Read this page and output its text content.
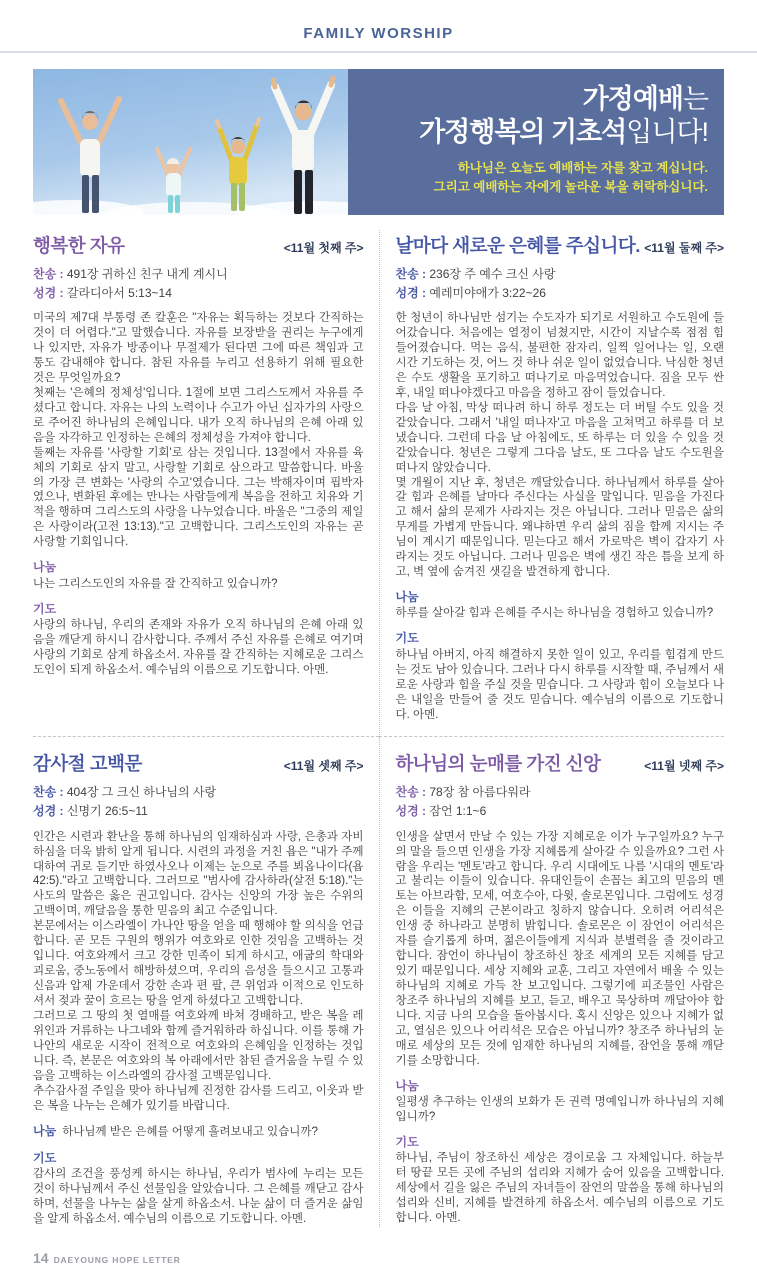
FAMILY WORSHIP
가정예배는
가정행복의 기초석입니다!
하나님은 오늘도 예배하는 자를 찾고 계십니다.
그리고 예배하는 자에게 놀라운 복을 허락하십니다.
행복한 자유	<11월 첫째 주>
찬송 : 491장 귀하신 친구 내게 계시니
성경 : 갈라디아서 5:13~14

미국의 제7대 부통령 존 칼훈은 "자유는 획득하는 것보다 간직하는 것이 더 어렵다."고 말했습니다. 자유를 보장받을 권리는 누구에게나 있지만, 자유가 방종이나 무절제가 된다면 그에 따른 책임과 고통도 감내해야 합니다. 참된 자유를 누리고 선용하기 위해 필요한 것은 무엇일까요?

첫째는 '은혜의 정체성'입니다. 1절에 보면 그리스도께서 자유를 주셨다고 합니다. 자유는 나의 노력이나 수고가 아닌 십자가의 사랑으로 주어진 하나님의 은혜입니다. 내가 오직 하나님의 은혜 아래 있음을 자각하고 인정하는 은혜의 정체성을 가져야 합니다.

둘째는 자유를 '사랑할 기회'로 삼는 것입니다. 13절에서 자유를 육체의 기회로 삼지 말고, 사랑할 기회로 삼으라고 말씀합니다. 바울의 가장 큰 변화는 '사랑의 수고'였습니다. 그는 박해자이며 핍박자였으나, 변화된 후에는 만나는 사람들에게 복음을 전하고 치유와 기적을 행하며 그리스도의 사랑을 나누었습니다. 바울은 "그중의 제일은 사랑이라(고전 13:13)."고 고백합니다. 그리스도인의 자유는 곧 사랑할 기회입니다.

나눔
나는 그리스도인의 자유를 잘 간직하고 있습니까?
기도
사랑의 하나님, 우리의 존재와 자유가 오직 하나님의 은혜 아래 있음을 깨닫게 하시니 감사합니다. 주께서 주신 자유를 은혜로 여기며 사랑의 기회로 삼게 하옵소서. 자유를 잘 간직하는 지혜로운 그리스도인이 되게 하옵소서. 예수님의 이름으로 기도합니다. 아멘.
날마다 새로운 은혜를 주십니다. <11월 둘째 주>
찬송 : 236장 주 예수 크신 사랑
성경 : 예레미야애가 3:22~26

한 청년이 하나님만 섬기는 수도자가 되기로 서원하고 수도원에 들어갔습니다. 처음에는 열정이 넘쳤지만, 시간이 지날수록 점점 힘들어졌습니다. 먹는 음식, 불편한 잠자리, 일찍 일어나는 일, 오랜 시간 기도하는 것, 어느 것 하나 쉬운 일이 없었습니다. 낙심한 청년은 수도 생활을 포기하고 떠나기로 마음먹었습니다. 짐을 모두 싼 후, 내일 떠나야겠다고 마음을 정하고 잠이 들었습니다.

다음 날 아침, 막상 떠나려 하니 하루 정도는 더 버틸 수도 있을 것 같았습니다. 그래서 '내일 떠나자'고 마음을 고쳐먹고 하루를 더 보냈습니다. 그런데 다음 날 아침에도, 또 하루는 더 있을 수 있을 것 같았습니다. 청년은 그렇게 그다음 날도, 또 그다음 날도 수도원을 떠나지 않았습니다.

몇 개월이 지난 후, 청년은 깨달았습니다. 하나님께서 하루를 살아갈 힘과 은혜를 날마다 주신다는 사실을 말입니다. 믿음을 가진다고 해서 삶의 문제가 사라지는 것은 아닙니다. 그러나 믿음은 삶의 무게를 가볍게 만듭니다. 왜냐하면 우리 삶의 짐을 함께 지시는 주님이 계시기 때문입니다. 믿는다고 해서 가로막은 벽이 갑자기 사라지는 것도 아닙니다. 그러나 믿음은 벽에 생긴 작은 틈을 보게 하고, 벽 옆에 숨겨진 샛길을 발견하게 합니다.

나눔
하루를 살아갈 힘과 은혜를 주시는 하나님을 경험하고 있습니까?
기도
하나님 아버지, 아직 해결하지 못한 일이 있고, 우리를 힘겹게 만드는 것도 남아 있습니다. 그러나 다시 하루를 시작할 때, 주님께서 새로운 사랑과 힘을 주실 것을 믿습니다. 그 사랑과 힘이 오늘보다 나은 내일을 만들어 줄 것도 믿습니다. 예수님의 이름으로 기도합니다. 아멘.
감사절 고백문	<11월 셋째 주>
찬송 : 404장 그 크신 하나님의 사랑
성경 : 신명기 26:5~11

인간은 시련과 환난을 통해 하나님의 임재하심과 사랑, 은총과 자비하심을 더욱 밝히 알게 됩니다. 시련의 과정을 거친 욥은 "내가 주께 대하여 귀로 듣기만 하였사오나 이제는 눈으로 주를 뵈옵나이다(욥 42:5)."라고 고백합니다. 그러므로 "범사에 감사하라(살전 5:18)."는 사도의 말씀은 옳은 권고입니다. 감사는 신앙의 가장 높은 수위의 고백이며, 깨달음을 통한 믿음의 최고 수준입니다.

본문에서는 이스라엘이 가나안 땅을 얻을 때 행해야 할 의식을 언급합니다. 곧 모든 구원의 행위가 여호와로 인한 것임을 고백하는 것입니다. 여호와께서 크고 강한 민족이 되게 하시고, 애굽의 학대와 괴로움, 중노동에서 해방하셨으며, 우리의 음성을 들으시고 고통과 신음과 압제 가운데서 강한 손과 편 팔, 큰 위엄과 이적으로 인도하셔서 젖과 꿀이 흐르는 땅을 얻게 하셨다고 고백합니다.

그러므로 그 땅의 첫 열매를 여호와께 바쳐 경배하고, 받은 복을 레위인과 거류하는 나그네와 함께 즐거워하라 하십니다. 이를 통해 가나안의 새로운 시작이 전적으로 여호와의 은혜임을 인정하는 것입니다. 즉, 본문은 여호와의 복 아래에서만 참된 즐거움을 누릴 수 있음을 고백하는 이스라엘의 감사절 고백문입니다.

추수감사절 주일을 맞아 하나님께 진정한 감사를 드리고, 이웃과 받은 복을 나누는 은혜가 있기를 바랍니다.

나눔 하나님께 받은 은혜를 어떻게 흘려보내고 있습니까?
기도
감사의 조건을 풍성케 하시는 하나님, 우리가 범사에 누리는 모든 것이 하나님께서 주신 선물임을 알았습니다. 그 은혜를 깨닫고 감사하며, 선물을 나누는 삶을 살게 하옵소서. 나눈 삶이 더 즐거운 삶임을 알게 하옵소서. 예수님의 이름으로 기도합니다. 아멘.
하나님의 눈매를 가진 신앙	<11월 넷째 주>
찬송 : 78장 참 아름다워라
성경 : 잠언 1:1~6

인생을 살면서 만날 수 있는 가장 지혜로운 이가 누구일까요? 누구의 말을 들으면 인생을 가장 지혜롭게 살아갈 수 있을까요? 그런 사람을 우리는 '멘토'라고 합니다. 우리 시대에도 나름 '시대의 멘토'라고 불리는 이들이 있습니다. 유대인들이 손꼽는 최고의 믿음의 멘토는 아브라함, 모세, 여호수아, 다윗, 솔로몬입니다. 그럼에도 성경은 이들을 지혜의 근본이라고 칭하지 않습니다. 오히려 어리석은 인생 중 하나라고 분명히 밝힙니다. 솔로몬은 이 잠언이 어리석은 자를 슬기롭게 하며, 젊은이들에게 지식과 분별력을 줄 것이라고 합니다. 잠언이 하나님이 창조하신 창조 세계의 모든 지혜를 담고 있기 때문입니다. 세상 지혜와 교훈, 그리고 자연에서 배울 수 있는 하나님의 지혜로 가득 찬 보고입니다. 그렇기에 피조물인 사람은 창조주 하나님의 지혜를 보고, 듣고, 배우고 묵상하며 깨달아야 합니다. 지금 나의 모습을 돌아봅시다. 혹시 신앙은 있으나 지혜가 없고, 열심은 있으나 어리석은 모습은 아닙니까? 창조주 하나님의 눈매로 세상의 모든 것에 임재한 하나님의 지혜를, 잠언을 통해 깨닫기를 소망합니다.

나눔
일평생 추구하는 인생의 보화가 돈 권력 명예입니까 하나님의 지혜입니까?
기도
하나님, 주님이 창조하신 세상은 경이로움 그 자체입니다. 하늘부터 땅끝 모든 곳에 주님의 섭리와 지혜가 숨어 있음을 고백합니다. 세상에서 길을 잃은 주님의 자녀들이 잠언의 말씀을 통해 하나님의 섭리와 신비, 지혜를 발견하게 하옵소서. 예수님의 이름으로 기도합니다. 아멘.
14 DAEYOUNG HOPE LETTER
